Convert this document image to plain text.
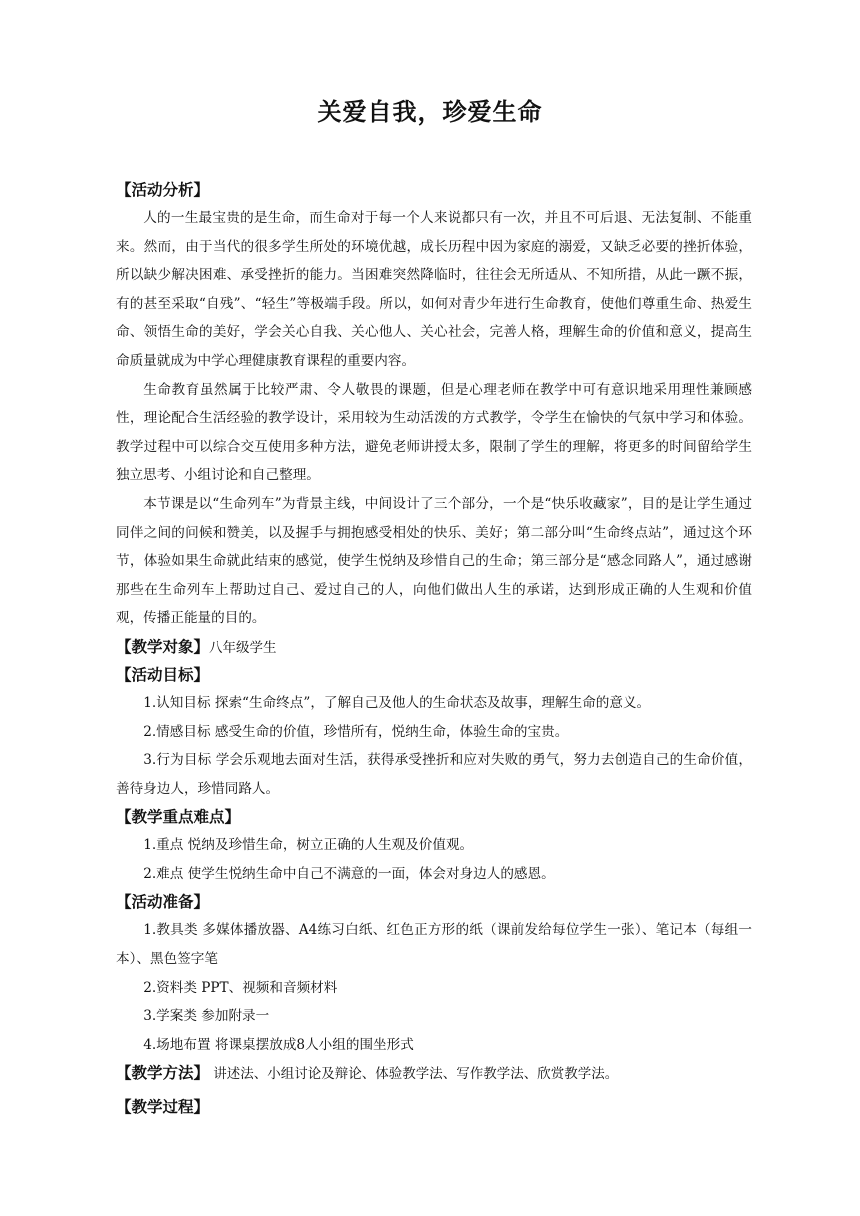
关爱自我，珍爱生命
【活动分析】

人的一生最宝贵的是生命，而生命对于每一个人来说都只有一次，并且不可后退、无法复制、不能重来。然而，由于当代的很多学生所处的环境优越，成长历程中因为家庭的溺爱，又缺乏必要的挫折体验，所以缺少解决困难、承受挫折的能力。当困难突然降临时，往往会无所适从、不知所措，从此一蹶不振，有的甚至采取“自残”、“轻生”等极端手段。所以，如何对青少年进行生命教育，使他们尊重生命、热爱生命、领悟生命的美好，学会关心自我、关心他人、关心社会，完善人格，理解生命的价值和意义，提高生命质量就成为中学心理健康教育课程的重要内容。

生命教育虽然属于比较严肃、令人敬畏的课题，但是心理老师在教学中可有意识地采用理性兼顾感性，理论配合生活经验的教学设计，采用较为生动活泼的方式教学，令学生在愉快的气氛中学习和体验。教学过程中可以综合交互使用多种方法，避免老师讲授太多，限制了学生的理解，将更多的时间留给学生独立思考、小组讨论和自己整理。

本节课是以“生命列车”为背景主线，中间设计了三个部分，一个是“快乐收藏家”，目的是让学生通过同伴之间的问候和赞美，以及握手与拥抱感受相处的快乐、美好；第二部分叫“生命终点站”，通过这个环节，体验如果生命就此结束的感觉，使学生悦纳及珍惜自己的生命；第三部分是“感念同路人”，通过感谢那些在生命列车上帮助过自己、爱过自己的人，向他们做出人生的承诺，达到形成正确的人生观和价值观，传播正能量的目的。

【教学对象】八年级学生
【活动目标】

1.认知目标 探索“生命终点”，了解自己及他人的生命状态及故事，理解生命的意义。

2.情感目标 感受生命的价值，珍惜所有，悦纳生命，体验生命的宝贵。

3.行为目标 学会乐观地去面对生活，获得承受挫折和应对失败的勇气，努力去创造自己的生命价值，善待身边人，珍惜同路人。

【教学重点难点】

1.重点 悦纳及珍惜生命，树立正确的人生观及价值观。

2.难点 使学生悦纳生命中自己不满意的一面，体会对身边人的感恩。

【活动准备】

1.教具类 多媒体播放器、A4练习白纸、红色正方形的纸（课前发给每位学生一张）、笔记本（每组一本）、黑色签字笔

2.资料类 PPT、视频和音频材料

3.学案类 参加附录一

4.场地布置 将课桌摆放成8人小组的围坐形式

【教学方法】 讲述法、小组讨论及辩论、体验教学法、写作教学法、欣赏教学法。
【教学过程】
